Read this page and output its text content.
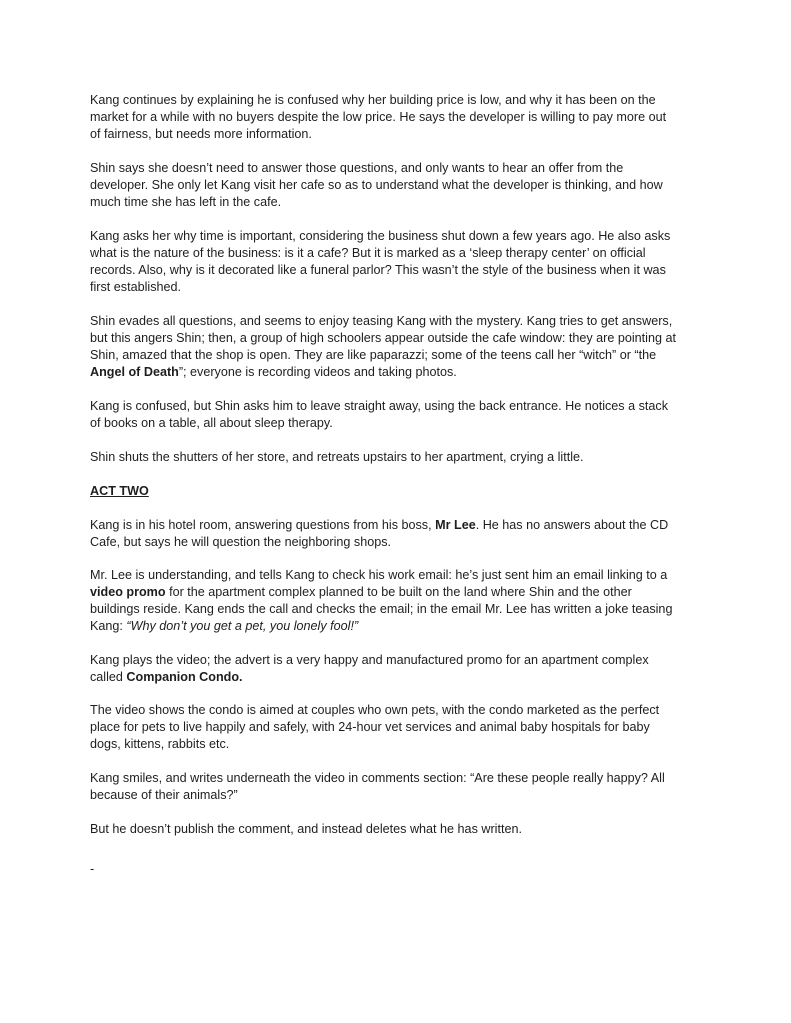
Kang continues by explaining he is confused why her building price is low, and why it has been on the
market for a while with no buyers despite the low price. He says the developer is willing to pay more out
of fairness, but needs more information.
Shin says she doesn’t need to answer those questions, and only wants to hear an offer from the
developer. She only let Kang visit her cafe so as to understand what the developer is thinking, and how
much time she has left in the cafe.
Kang asks her why time is important, considering the business shut down a few years ago. He also asks
what is the nature of the business: is it a cafe? But it is marked as a ‘sleep therapy center’ on official
records. Also, why is it decorated like a funeral parlor? This wasn’t the style of the business when it was
first established.
Shin evades all questions, and seems to enjoy teasing Kang with the mystery. Kang tries to get answers,
but this angers Shin; then, a group of high schoolers appear outside the cafe window: they are pointing at
Shin, amazed that the shop is open. They are like paparazzi; some of the teens call her “witch” or “the
Angel of Death”; everyone is recording videos and taking photos.
Kang is confused, but Shin asks him to leave straight away, using the back entrance. He notices a stack
of books on a table, all about sleep therapy.
Shin shuts the shutters of her store, and retreats upstairs to her apartment, crying a little.
ACT TWO
Kang is in his hotel room, answering questions from his boss, Mr Lee. He has no answers about the CD
Cafe, but says he will question the neighboring shops.
Mr. Lee is understanding, and tells Kang to check his work email: he’s just sent him an email linking to a
video promo for the apartment complex planned to be built on the land where Shin and the other
buildings reside. Kang ends the call and checks the email; in the email Mr. Lee has written a joke teasing
Kang: “Why don’t you get a pet, you lonely fool!”
Kang plays the video; the advert is a very happy and manufactured promo for an apartment complex
called Companion Condo.
The video shows the condo is aimed at couples who own pets, with the condo marketed as the perfect
place for pets to live happily and safely, with 24-hour vet services and animal baby hospitals for baby
dogs, kittens, rabbits etc.
Kang smiles, and writes underneath the video in comments section: “Are these people really happy? All
because of their animals?”
But he doesn’t publish the comment, and instead deletes what he has written.
-
